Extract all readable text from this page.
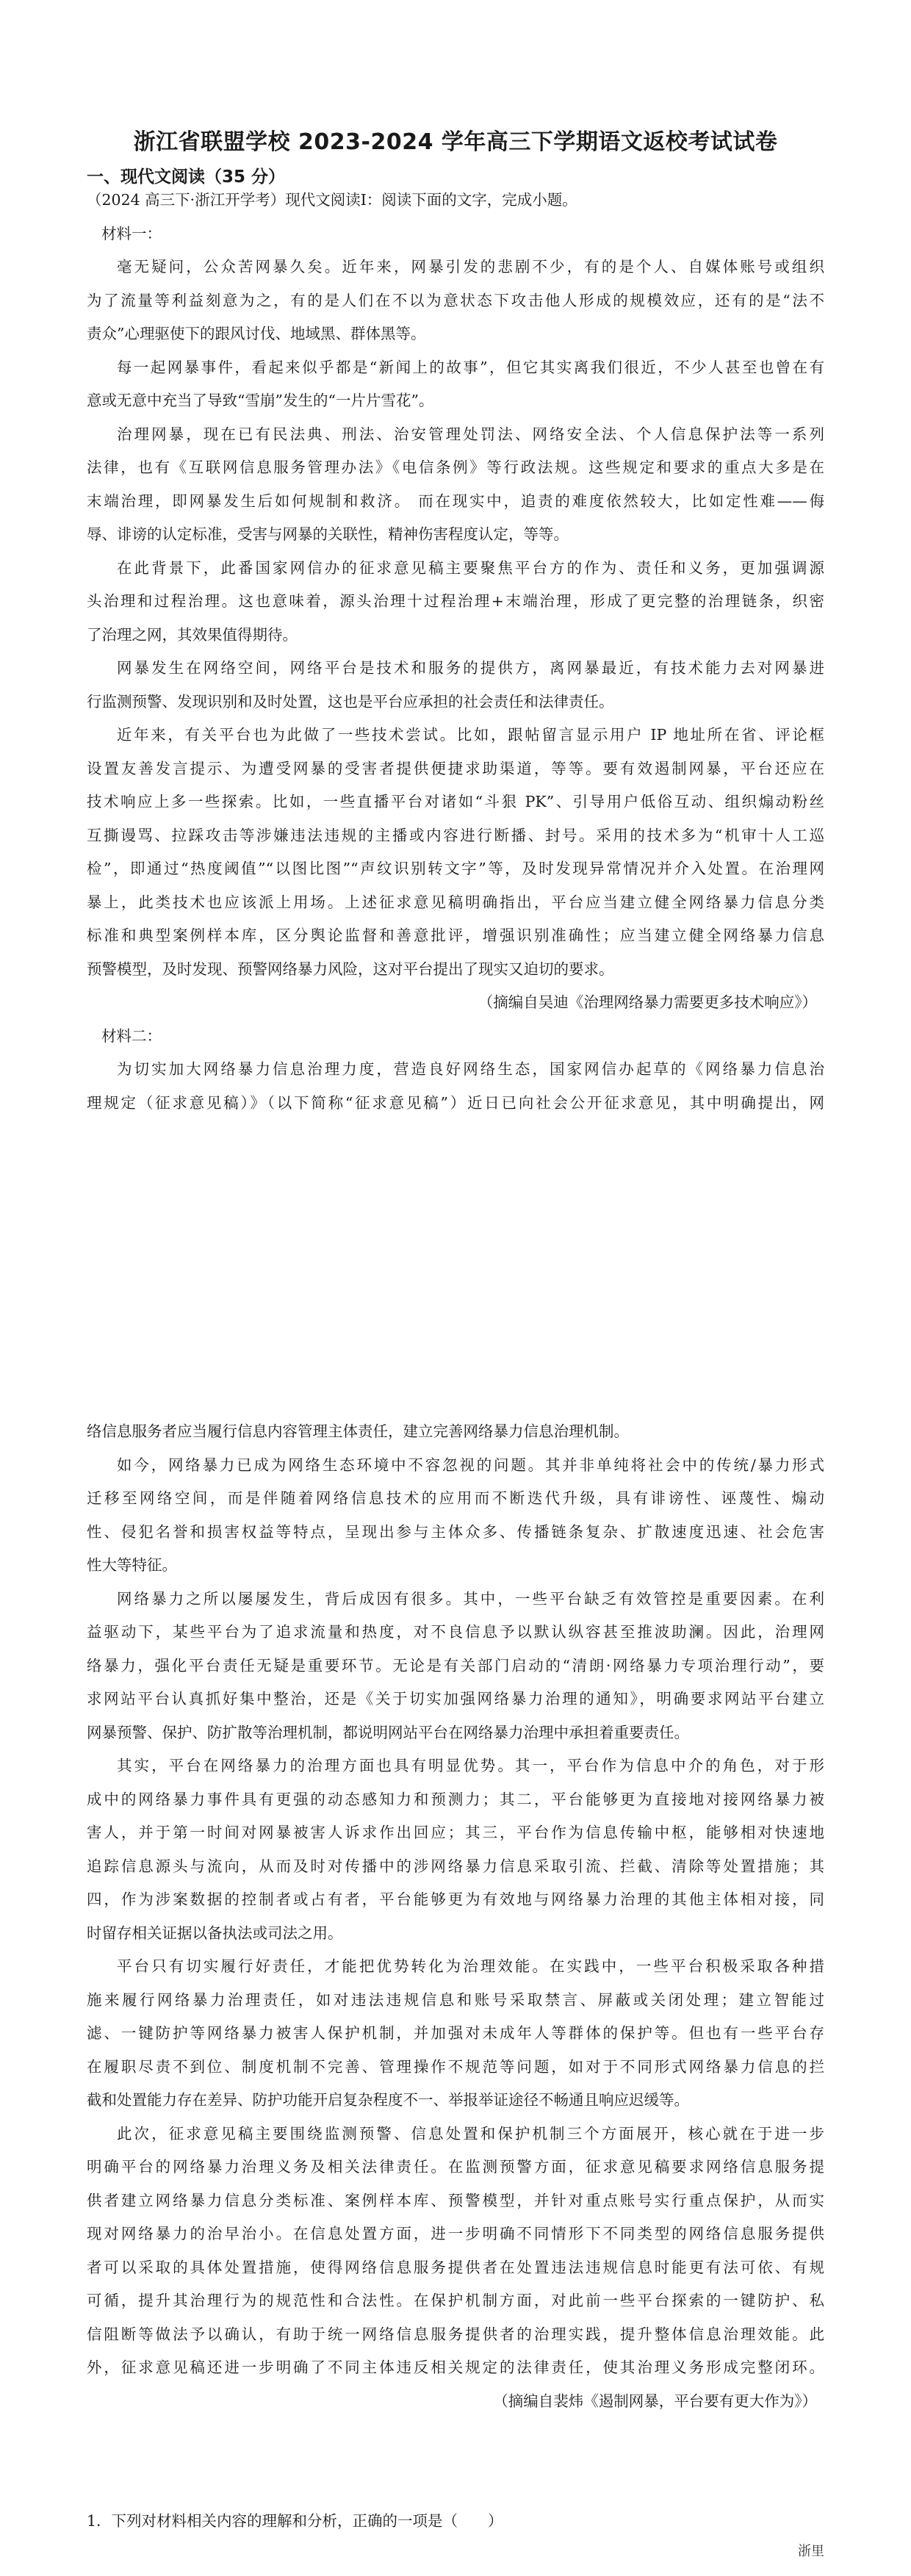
浙江省联盟学校 2023-2024 学年高三下学期语文返校考试试卷
一、现代文阅读（35 分）
（2024 高三下·浙江开学考）现代文阅读Ⅰ：阅读下面的文字，完成小题。
材料一：
毫无疑问，公众苦网暴久矣。近年来，网暴引发的悲剧不少，有的是个人、自媒体账号或组织
为了流量等利益刻意为之，有的是人们在不以为意状态下攻击他人形成的规模效应，还有的是“法不
责众”心理驱使下的跟风讨伐、地域黑、群体黑等。
每一起网暴事件，看起来似乎都是“新闻上的故事”，但它其实离我们很近，不少人甚至也曾在有
意或无意中充当了导致“雪崩”发生的“一片片雪花”。
治理网暴，现在已有民法典、刑法、治安管理处罚法、网络安全法、个人信息保护法等一系列
法律，也有《互联网信息服务管理办法》《电信条例》等行政法规。这些规定和要求的重点大多是在
末端治理，即网暴发生后如何规制和救济。 而在现实中，追责的难度依然较大，比如定性难——侮
辱、诽谤的认定标准，受害与网暴的关联性，精神伤害程度认定，等等。
在此背景下，此番国家网信办的征求意见稿主要聚焦平台方的作为、责任和义务，更加强调源
头治理和过程治理。这也意味着，源头治理十过程治理+末端治理，形成了更完整的治理链条，织密
了治理之网，其效果值得期待。
网暴发生在网络空间，网络平台是技术和服务的提供方，离网暴最近，有技术能力去对网暴进
行监测预警、发现识别和及时处置，这也是平台应承担的社会责任和法律责任。
近年来，有关平台也为此做了一些技术尝试。比如，跟帖留言显示用户 IP 地址所在省、评论框
设置友善发言提示、为遭受网暴的受害者提供便捷求助渠道，等等。要有效遏制网暴，平台还应在
技术响应上多一些探索。比如，一些直播平台对诸如“斗狠 PK”、引导用户低俗互动、组织煽动粉丝
互撕谩骂、拉踩攻击等涉嫌违法违规的主播或内容进行断播、封号。采用的技术多为“机审十人工巡
检”，即通过“热度阈值”“以图比图”“声纹识别转文字”等，及时发现异常情况并介入处置。在治理网
暴上，此类技术也应该派上用场。上述征求意见稿明确指出，平台应当建立健全网络暴力信息分类
标准和典型案例样本库，区分舆论监督和善意批评，增强识别准确性；应当建立健全网络暴力信息
预警模型，及时发现、预警网络暴力风险，这对平台提出了现实又迫切的要求。
（摘编自吴迪《治理网络暴力需要更多技术响应》）
材料二：
为切实加大网络暴力信息治理力度，营造良好网络生态，国家网信办起草的《网络暴力信息治
理规定（征求意见稿）》（以下简称“征求意见稿”）近日已向社会公开征求意见，其中明确提出，网
络信息服务者应当履行信息内容管理主体责任，建立完善网络暴力信息治理机制。
如今，网络暴力已成为网络生态环境中不容忽视的问题。其并非单纯将社会中的传统/暴力形式
迁移至网络空间，而是伴随着网络信息技术的应用而不断迭代升级，具有诽谤性、诬蔑性、煽动
性、侵犯名誉和损害权益等特点，呈现出参与主体众多、传播链条复杂、扩散速度迅速、社会危害
性大等特征。
网络暴力之所以屡屡发生，背后成因有很多。其中，一些平台缺乏有效管控是重要因素。在利
益驱动下，某些平台为了追求流量和热度，对不良信息予以默认纵容甚至推波助澜。因此，治理网
络暴力，强化平台责任无疑是重要环节。无论是有关部门启动的“清朗·网络暴力专项治理行动”，要
求网站平台认真抓好集中整治，还是《关于切实加强网络暴力治理的通知》，明确要求网站平台建立
网暴预警、保护、防扩散等治理机制，都说明网站平台在网络暴力治理中承担着重要责任。
其实，平台在网络暴力的治理方面也具有明显优势。其一，平台作为信息中介的角色，对于形
成中的网络暴力事件具有更强的动态感知力和预测力；其二，平台能够更为直接地对接网络暴力被
害人，并于第一时间对网暴被害人诉求作出回应；其三，平台作为信息传输中枢，能够相对快速地
追踪信息源头与流向，从而及时对传播中的涉网络暴力信息采取引流、拦截、清除等处置措施；其
四，作为涉案数据的控制者或占有者，平台能够更为有效地与网络暴力治理的其他主体相对接，同
时留存相关证据以备执法或司法之用。
平台只有切实履行好责任，才能把优势转化为治理效能。在实践中，一些平台积极采取各种措
施来履行网络暴力治理责任，如对违法违规信息和账号采取禁言、屏蔽或关闭处理；建立智能过
滤、一键防护等网络暴力被害人保护机制，并加强对未成年人等群体的保护等。但也有一些平台存
在履职尽责不到位、制度机制不完善、管理操作不规范等问题，如对于不同形式网络暴力信息的拦
截和处置能力存在差异、防护功能开启复杂程度不一、举报举证途径不畅通且响应迟缓等。
此次，征求意见稿主要围绕监测预警、信息处置和保护机制三个方面展开，核心就在于进一步
明确平台的网络暴力治理义务及相关法律责任。在监测预警方面，征求意见稿要求网络信息服务提
供者建立网络暴力信息分类标准、案例样本库、预警模型，并针对重点账号实行重点保护，从而实
现对网络暴力的治早治小。在信息处置方面，进一步明确不同情形下不同类型的网络信息服务提供
者可以采取的具体处置措施，使得网络信息服务提供者在处置违法违规信息时能更有法可依、有规
可循，提升其治理行为的规范性和合法性。在保护机制方面，对此前一些平台探索的一键防护、私
信阻断等做法予以确认，有助于统一网络信息服务提供者的治理实践，提升整体信息治理效能。此
外，征求意见稿还进一步明确了不同主体违反相关规定的法律责任，使其治理义务形成完整闭环。
（摘编自裴炜《遏制网暴，平台要有更大作为》）
1．下列对材料相关内容的理解和分析，正确的一项是（　　）
浙里
